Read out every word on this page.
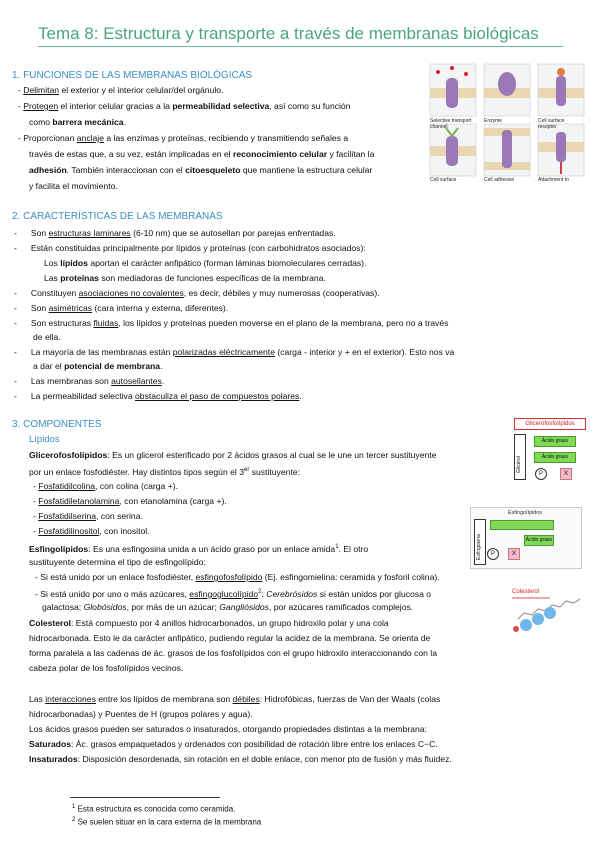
Tema 8: Estructura y transporte a través de membranas biológicas
1. FUNCIONES DE LAS MEMBRANAS BIOLÓGICAS
- Delimitan el exterior y el interior celular/del orgánulo.
- Protegen el interior celular gracias a la permeabilidad selectiva, así como su función
como barrera mecánica.
- Proporcionan anclaje a las enzimas y proteínas, recibiendo y transmitiendo señales a
través de estas que, a su vez, están implicadas en el reconocimiento celular y facilitan la
adhesión. También interaccionan con el citoesqueleto que mantiene la estructura celular
y facilita el movimiento.
Selective transport channel
Enzyme	Cell surface receptor
Cell surface	Cell adhesion	Attachment to
2. CARACTERÍSTICAS DE LAS MEMBRANAS
- Son estructuras laminares (6-10 nm) que se autosellan por parejas enfrentadas.
- Están constituidas principalmente por lípidos y proteínas (con carbohidratos asociados):
Los lípidos aportan el carácter anfipático (forman láminas biomoleculares cerradas).
Las proteínas son mediadoras de funciones específicas de la membrana.
- Constituyen asociaciones no covalentes, es decir, débiles y muy numerosas (cooperativas).
- Son asimétricas (cara interna y externa, diferentes).
- Son estructuras fluidas, los lípidos y proteínas pueden moverse en el plano de la membrana, pero no a través
de ella.
- La mayoría de las membranas están polarizadas eléctricamente (carga - interior y + en el exterior). Esto nos va
a dar el potencial de membrana.
- Las membranas son autosellantes.
- La permeabilidad selectiva obstaculiza el paso de compuestos polares.
3. COMPONENTES
Lípidos
Glicerofosfolípidos: Es un glicerol esterificado por 2 ácidos grasos al cual se le une un tercer sustituyente
por un enlace fosfodiéster. Hay distintos tipos según el 3er sustituyente:
- Fosfatidilcolina, con colina (carga +).
- Fosfatidiletanolamina, con etanolamina (carga +).
- Fosfatidilserina, con serina.
- Fosfatidilinositol, con inositol.
Esfingolípidos: Es una esfingosina unida a un ácido graso por un enlace amida$^1$. El otro
sustituyente determina el tipo de esfingolípido:
- Si está unido por un enlace fosfodiéster, esfingofosfolípido (Ej. esfingomielina: ceramida y fosforil colina).
- Si está unido por uno o más azúcares, esfingoglucolípido$^2$: Cerebrósidos si están unidos por glucosa o
galactosa; Globósidos, por más de un azúcar; Gangliósidos, por azúcares ramificados complejos.
Colesterol: Está compuesto por 4 anillos hidrocarbonados, un grupo hidroxilo polar y una cola
hidrocarbonada. Esto le da carácter anfipático, pudiendo regular la acidez de la membrana. Se orienta de
forma paralela a las cadenas de ác. grasos de los fosfolípidos con el grupo hidroxilo interaccionando con la
cabeza polar de los fosfolípidos vecinos.
Las interacciones entre los lípidos de membrana son débiles: Hidrofóbicas, fuerzas de Van der Waals (colas
hidrocarbonadas) y Puentes de H (grupos polares y agua).
Los ácidos grasos pueden ser saturados o insaturados, otorgando propiedades distintas a la membrana:
Saturados: Ác. grasos empaquetados y ordenados con posibilidad de rotación libre entre los enlaces C−C.
Insaturados: Disposición desordenada, sin rotación en el doble enlace, con menor pto de fusión y más fluidez.
Glicerofosfolípidos
Glicerol
Ácido graso
Ácido graso
P	X
Esfingolípidos
Esfingosina	Ácido graso
P	X
Colesterol
$^1$ Esta estructura es conocida como ceramida.
$^2$ Se suelen situar en la cara externa de la membrana
